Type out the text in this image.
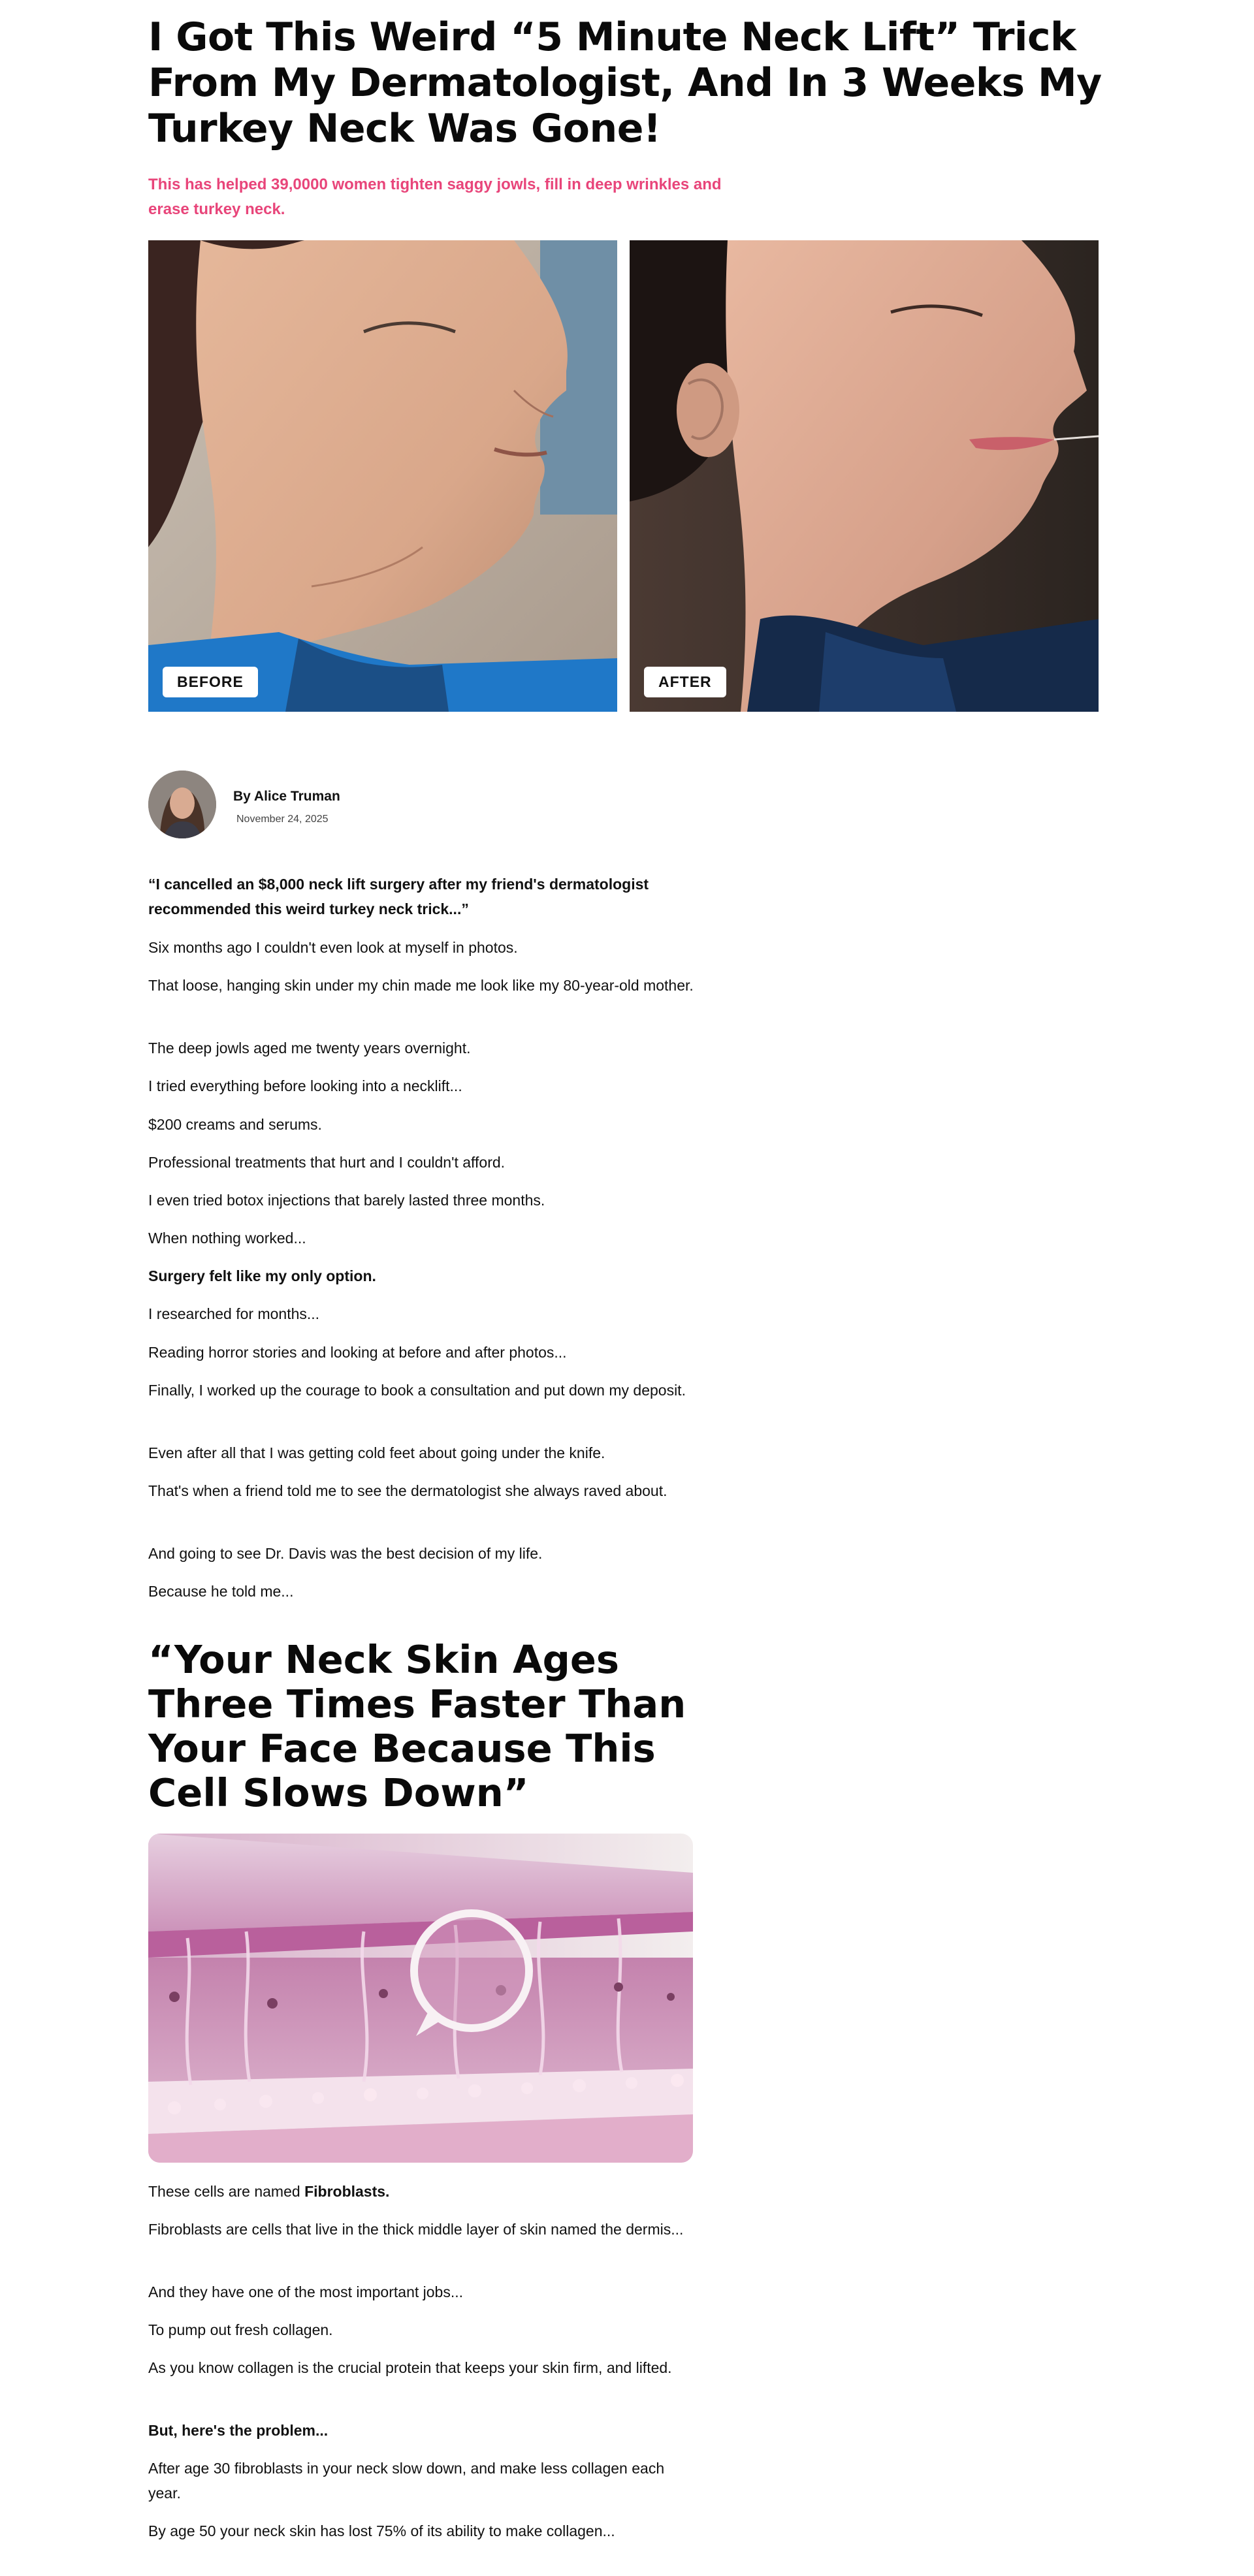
I Got This Weird “5 Minute Neck Lift” Trick From My Dermatologist, And In 3 Weeks My Turkey Neck Was Gone!
This has helped 39,0000 women tighten saggy jowls, fill in deep wrinkles and erase turkey neck.
BEFORE	AFTER
By Alice Truman
November 24, 2025

“I cancelled an $8,000 neck lift surgery after my friend's dermatologist recommended this weird turkey neck trick...”

Six months ago I couldn't even look at myself in photos.

That loose, hanging skin under my chin made me look like my 80-year-old mother.

The deep jowls aged me twenty years overnight.

I tried everything before looking into a necklift...

$200 creams and serums.

Professional treatments that hurt and I couldn't afford.

I even tried botox injections that barely lasted three months.

When nothing worked...

Surgery felt like my only option.

I researched for months...

Reading horror stories and looking at before and after photos...

Finally, I worked up the courage to book a consultation and put down my deposit.

Even after all that I was getting cold feet about going under the knife.

That's when a friend told me to see the dermatologist she always raved about.

And going to see Dr. Davis was the best decision of my life.

Because he told me...

“Your Neck Skin Ages Three Times Faster Than Your Face Because This Cell Slows Down”

These cells are named Fibroblasts.

Fibroblasts are cells that live in the thick middle layer of skin named the dermis...

And they have one of the most important jobs...

To pump out fresh collagen.

As you know collagen is the crucial protein that keeps your skin firm, and lifted.

But, here's the problem...

After age 30 fibroblasts in your neck slow down, and make less collagen each year.

By age 50 your neck skin has lost 75% of its ability to make collagen...
